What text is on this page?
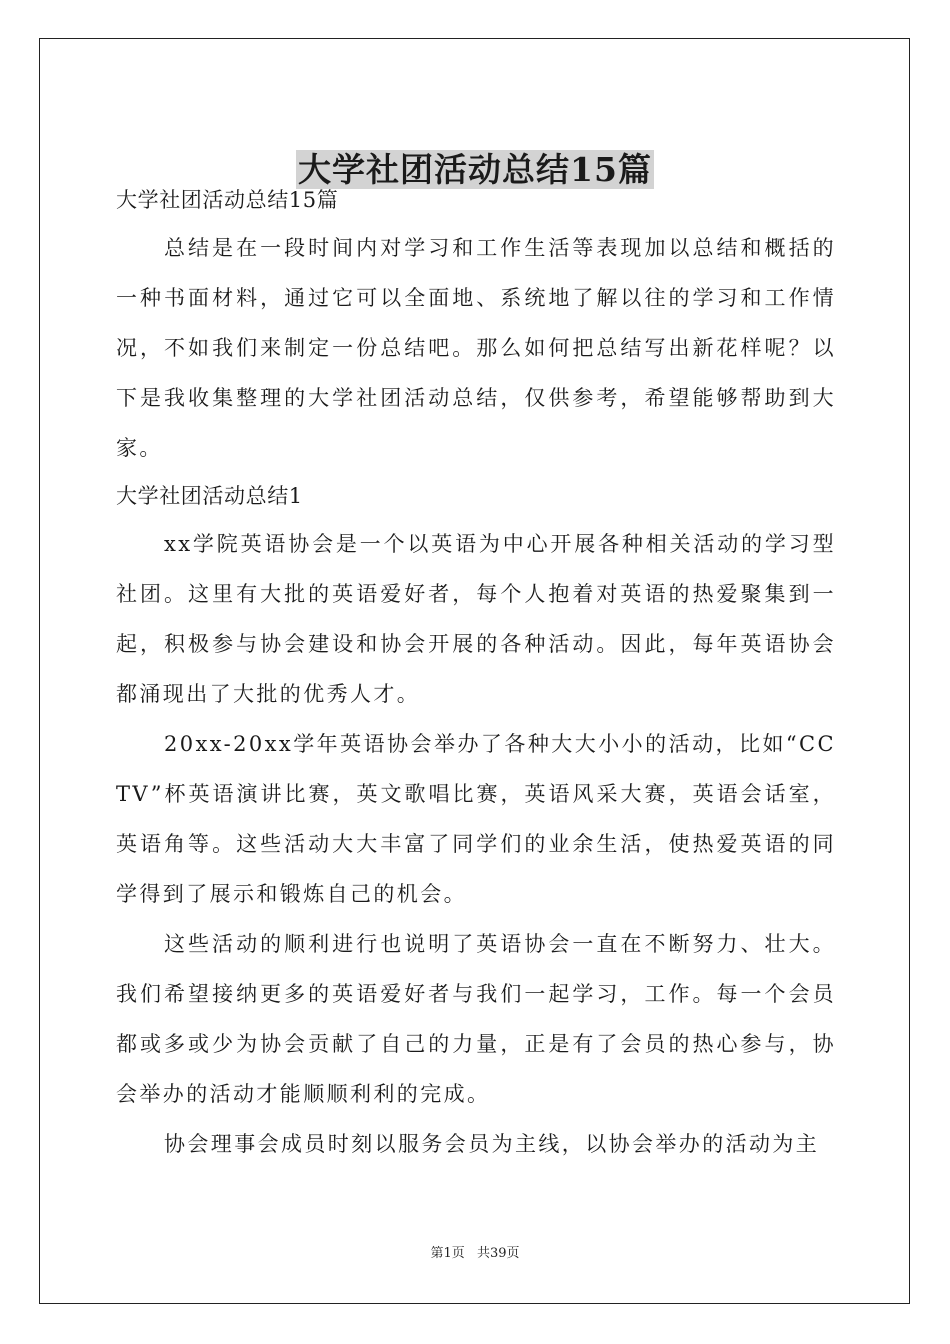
大学社团活动总结15篇

大学社团活动总结15篇

总结是在一段时间内对学习和工作生活等表现加以总结和概括的一种书面材料，通过它可以全面地、系统地了解以往的学习和工作情况，不如我们来制定一份总结吧。那么如何把总结写出新花样呢？以下是我收集整理的大学社团活动总结，仅供参考，希望能够帮助到大家。

大学社团活动总结1

xx学院英语协会是一个以英语为中心开展各种相关活动的学习型社团。这里有大批的英语爱好者，每个人抱着对英语的热爱聚集到一起，积极参与协会建设和协会开展的各种活动。因此，每年英语协会都涌现出了大批的优秀人才。

20xx-20xx学年英语协会举办了各种大大小小的活动，比如“CCTV”杯英语演讲比赛，英文歌唱比赛，英语风采大赛，英语会话室，英语角等。这些活动大大丰富了同学们的业余生活，使热爱英语的同学得到了展示和锻炼自己的机会。

这些活动的顺利进行也说明了英语协会一直在不断努力、壮大。我们希望接纳更多的英语爱好者与我们一起学习，工作。每一个会员都或多或少为协会贡献了自己的力量，正是有了会员的热心参与，协会举办的活动才能顺顺利利的完成。

协会理事会成员时刻以服务会员为主线，以协会举办的活动为主

第1页 共39页
